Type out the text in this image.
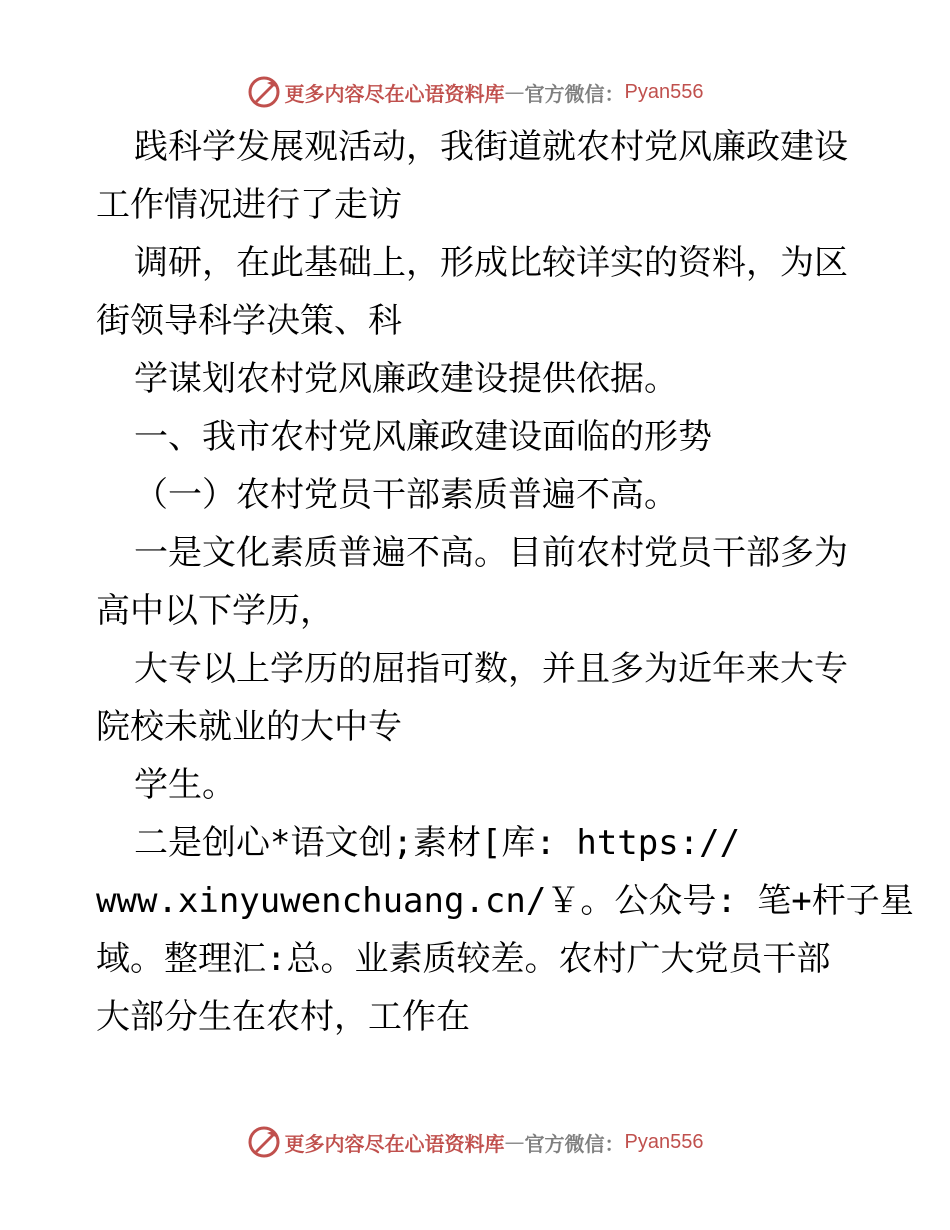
更多内容尽在心语资料库 — 官方微信： Pyan556

践科学发展观活动，我街道就农村党风廉政建设

工作情况进行了走访

调研，在此基础上，形成比较详实的资料，为区

街领导科学决策、科

学谋划农村党风廉政建设提供依据。

一、我市农村党风廉政建设面临的形势

（一）农村党员干部素质普遍不高。

一是文化素质普遍不高。目前农村党员干部多为

高中以下学历，

大专以上学历的屈指可数，并且多为近年来大专

院校未就业的大中专

学生。

二是创心*语文创;素材[库: https://

www.xinyuwenchuang.cn/￥。公众号: 笔+杆子星

域。整理汇:总。业素质较差。农村广大党员干部

大部分生在农村，工作在

更多内容尽在心语资料库 — 官方微信： Pyan556
